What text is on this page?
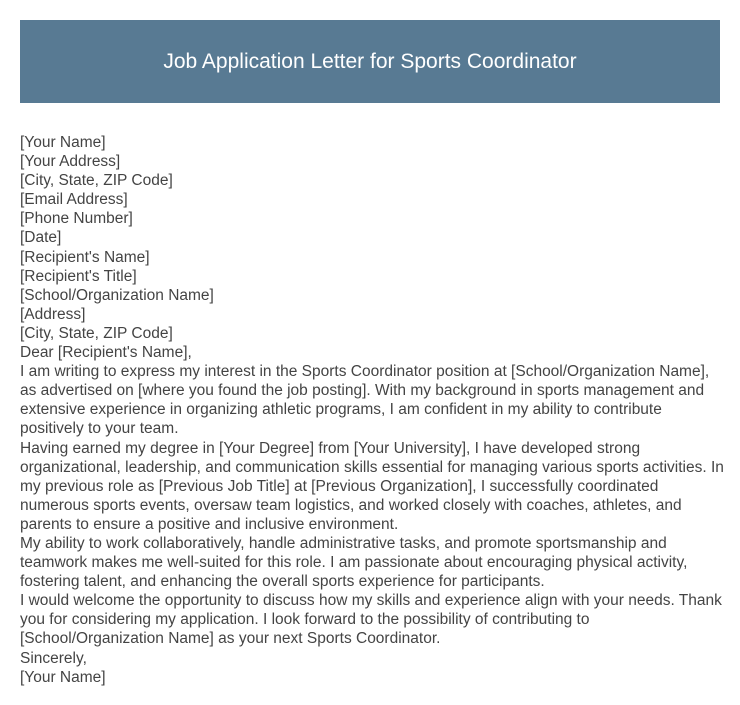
Job Application Letter for Sports Coordinator
[Your Name]
[Your Address]
[City, State, ZIP Code]
[Email Address]
[Phone Number]
[Date]
[Recipient's Name]
[Recipient's Title]
[School/Organization Name]
[Address]
[City, State, ZIP Code]
Dear [Recipient's Name],
I am writing to express my interest in the Sports Coordinator position at [School/Organization Name], as advertised on [where you found the job posting]. With my background in sports management and extensive experience in organizing athletic programs, I am confident in my ability to contribute positively to your team.
Having earned my degree in [Your Degree] from [Your University], I have developed strong organizational, leadership, and communication skills essential for managing various sports activities. In my previous role as [Previous Job Title] at [Previous Organization], I successfully coordinated numerous sports events, oversaw team logistics, and worked closely with coaches, athletes, and parents to ensure a positive and inclusive environment.
My ability to work collaboratively, handle administrative tasks, and promote sportsmanship and teamwork makes me well-suited for this role. I am passionate about encouraging physical activity, fostering talent, and enhancing the overall sports experience for participants.
I would welcome the opportunity to discuss how my skills and experience align with your needs. Thank you for considering my application. I look forward to the possibility of contributing to [School/Organization Name] as your next Sports Coordinator.
Sincerely,
[Your Name]
